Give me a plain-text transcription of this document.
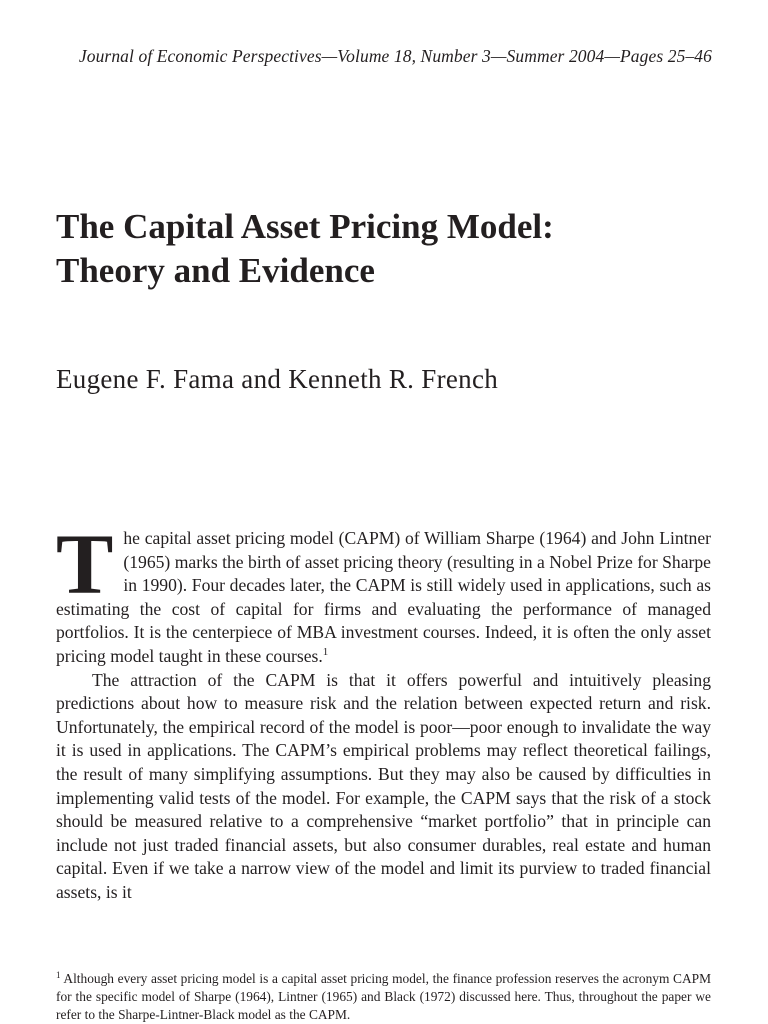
Journal of Economic Perspectives—Volume 18, Number 3—Summer 2004—Pages 25–46
The Capital Asset Pricing Model:
Theory and Evidence
Eugene F. Fama and Kenneth R. French

The capital asset pricing model (CAPM) of William Sharpe (1964) and John Lintner (1965) marks the birth of asset pricing theory (resulting in a Nobel Prize for Sharpe in 1990). Four decades later, the CAPM is still widely used in applications, such as estimating the cost of capital for firms and evaluating the performance of managed portfolios. It is the centerpiece of MBA investment courses. Indeed, it is often the only asset pricing model taught in these courses.$^1$

The attraction of the CAPM is that it offers powerful and intuitively pleasing predictions about how to measure risk and the relation between expected return and risk. Unfortunately, the empirical record of the model is poor—poor enough to invalidate the way it is used in applications. The CAPM’s empirical problems may reflect theoretical failings, the result of many simplifying assumptions. But they may also be caused by difficulties in implementing valid tests of the model. For example, the CAPM says that the risk of a stock should be measured relative to a comprehensive “market portfolio” that in principle can include not just traded financial assets, but also consumer durables, real estate and human capital. Even if we take a narrow view of the model and limit its purview to traded financial assets, is it

$^1$ Although every asset pricing model is a capital asset pricing model, the finance profession reserves the acronym CAPM for the specific model of Sharpe (1964), Lintner (1965) and Black (1972) discussed here. Thus, throughout the paper we refer to the Sharpe-Lintner-Black model as the CAPM.
